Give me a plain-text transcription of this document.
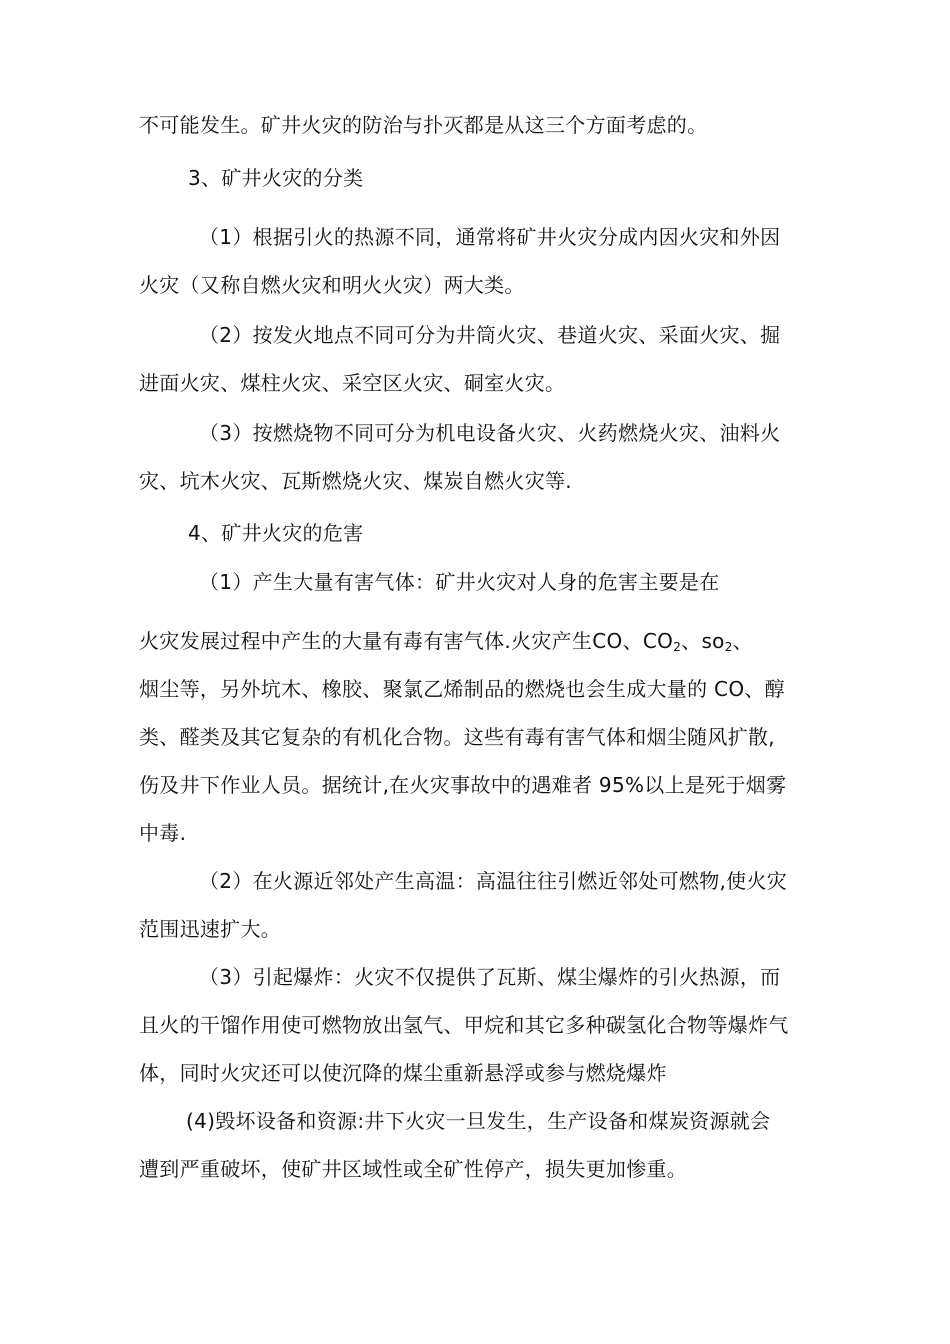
不可能发生。矿井火灾的防治与扑灭都是从这三个方面考虑的。
3、矿井火灾的分类
（1）根据引火的热源不同，通常将矿井火灾分成内因火灾和外因
火灾（又称自燃火灾和明火火灾）两大类。
（2）按发火地点不同可分为井筒火灾、巷道火灾、采面火灾、掘
进面火灾、煤柱火灾、采空区火灾、硐室火灾。
（3）按燃烧物不同可分为机电设备火灾、火药燃烧火灾、油料火
灾、坑木火灾、瓦斯燃烧火灾、煤炭自燃火灾等.
4、矿井火灾的危害
（1）产生大量有害气体：矿井火灾对人身的危害主要是在
火灾发展过程中产生的大量有毒有害气体.火灾产生CO、$CO_2$、$so_2$、
烟尘等，另外坑木、橡胶、聚氯乙烯制品的燃烧也会生成大量的 CO、醇
类、醛类及其它复杂的有机化合物。这些有毒有害气体和烟尘随风扩散,
伤及井下作业人员。据统计,在火灾事故中的遇难者 95%以上是死于烟雾
中毒.
（2）在火源近邻处产生高温：高温往往引燃近邻处可燃物,使火灾
范围迅速扩大。
（3）引起爆炸：火灾不仅提供了瓦斯、煤尘爆炸的引火热源，而
且火的干馏作用使可燃物放出氢气、甲烷和其它多种碳氢化合物等爆炸气
体，同时火灾还可以使沉降的煤尘重新悬浮或参与燃烧爆炸
(4)毁坏设备和资源:井下火灾一旦发生，生产设备和煤炭资源就会
遭到严重破坏，使矿井区域性或全矿性停产，损失更加惨重。
